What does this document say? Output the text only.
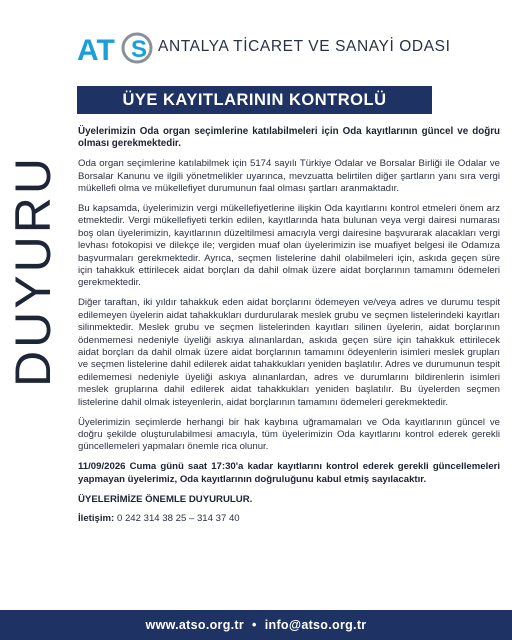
AT S ANTALYA TİCARET VE SANAYİ ODASI
ÜYE KAYITLARININ KONTROLÜ
DUYURU

Üyelerimizin Oda organ seçimlerine katılabilmeleri için Oda kayıtlarının güncel ve doğru olması gerekmektedir.

Oda organ seçimlerine katılabilmek için 5174 sayılı Türkiye Odalar ve Borsalar Birliği ile Odalar ve Borsalar Kanunu ve ilgili yönetmelikler uyarınca, mevzuatta belirtilen diğer şartların yanı sıra vergi mükellefi olma ve mükellefiyet durumunun faal olması şartları aranmaktadır.

Bu kapsamda, üyelerimizin vergi mükellefiyetlerine ilişkin Oda kayıtlarını kontrol etmeleri önem arz etmektedir. Vergi mükellefiyeti terkin edilen, kayıtlarında hata bulunan veya vergi dairesi numarası boş olan üyelerimizin, kayıtlarının düzeltilmesi amacıyla vergi dairesine başvurarak alacakları vergi levhası fotokopisi ve dilekçe ile; vergiden muaf olan üyelerimizin ise muafiyet belgesi ile Odamıza başvurmaları gerekmektedir. Ayrıca, seçmen listelerine dahil olabilmeleri için, askıda geçen süre için tahakkuk ettirilecek aidat borçları da dahil olmak üzere aidat borçlarının tamamını ödemeleri gerekmektedir.

Diğer taraftan, iki yıldır tahakkuk eden aidat borçlarını ödemeyen ve/veya adres ve durumu tespit edilemeyen üyelerin aidat tahakkukları durdurularak meslek grubu ve seçmen listelerindeki kayıtları silinmektedir. Meslek grubu ve seçmen listelerinden kayıtları silinen üyelerin, aidat borçlarının ödenmemesi nedeniyle üyeliği askıya alınanlardan, askıda geçen süre için tahakkuk ettirilecek aidat borçları da dahil olmak üzere aidat borçlarının tamamını ödeyenlerin isimleri meslek grupları ve seçmen listelerine dahil edilerek aidat tahakkukları yeniden başlatılır. Adres ve durumunun tespit edilememesi nedeniyle üyeliği askıya alınanlardan, adres ve durumlarını bildirenlerin isimleri meslek gruplarına dahil edilerek aidat tahakkukları yeniden başlatılır. Bu üyelerden seçmen listelerine dahil olmak isteyenlerin, aidat borçlarının tamamını ödemeleri gerekmektedir.

Üyelerimizin seçimlerde herhangi bir hak kaybına uğramamaları ve Oda kayıtlarının güncel ve doğru şekilde oluşturulabilmesi amacıyla, tüm üyelerimizin Oda kayıtlarını kontrol ederek gerekli güncellemeleri yapmaları önemle rica olunur.

11/09/2026 Cuma günü saat 17:30'a kadar kayıtlarını kontrol ederek gerekli güncellemeleri yapmayan üyelerimiz, Oda kayıtlarının doğruluğunu kabul etmiş sayılacaktır.

ÜYELERİMİZE ÖNEMLE DUYURULUR.

İletişim: 0 242 314 38 25 – 314 37 40

www.atso.org.tr • info@atso.org.tr
